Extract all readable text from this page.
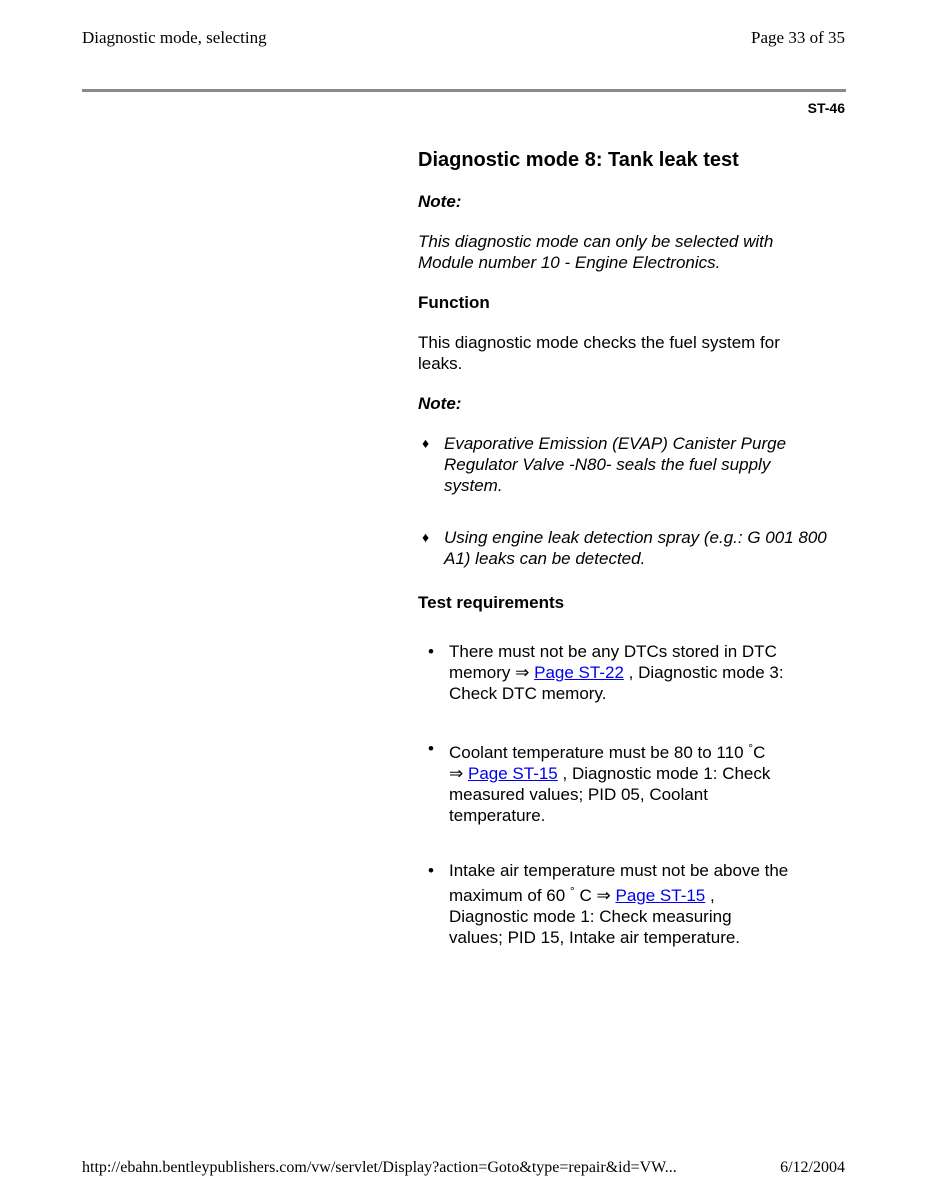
Diagnostic mode, selecting	Page 33 of 35
ST-46
Diagnostic mode 8: Tank leak test
Note:
This diagnostic mode can only be selected with Module number 10 - Engine Electronics.
Function
This diagnostic mode checks the fuel system for leaks.
Note:
♦ Evaporative Emission (EVAP) Canister Purge Regulator Valve -N80- seals the fuel supply system.
♦ Using engine leak detection spray (e.g.: G 001 800 A1) leaks can be detected.
Test requirements
• There must not be any DTCs stored in DTC
memory ⇒ Page ST-22 , Diagnostic mode 3:
Check DTC memory.
• Coolant temperature must be 80 to 110 °C
⇒ Page ST-15 , Diagnostic mode 1: Check
measured values; PID 05, Coolant
temperature.
• Intake air temperature must not be above the
maximum of 60 ° C ⇒ Page ST-15 ,
Diagnostic mode 1: Check measuring
values; PID 15, Intake air temperature.
http://ebahn.bentleypublishers.com/vw/servlet/Display?action=Goto&type=repair&id=VW...	6/12/2004
